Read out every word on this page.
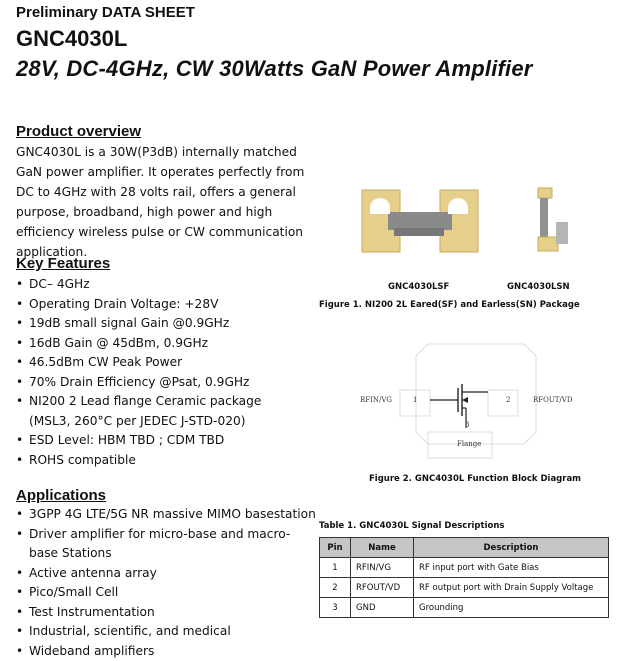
Preliminary DATA SHEET
GNC4030L
28V, DC-4GHz, CW 30Watts GaN Power Amplifier
Product overview
GNC4030L is a 30W(P3dB) internally matched GaN power amplifier. It operates perfectly from DC to 4GHz with 28 volts rail, offers a general purpose, broadband, high power and high efficiency wireless pulse or CW communication application.
Key Features
• DC– 4GHz
• Operating Drain Voltage: +28V
• 19dB small signal Gain @0.9GHz
• 16dB Gain @ 45dBm, 0.9GHz
• 46.5dBm CW Peak Power
• 70% Drain Efficiency @Psat, 0.9GHz
• NI200 2 Lead flange Ceramic package (MSL3, 260°C per JEDEC J-STD-020)
• ESD Level: HBM TBD ; CDM TBD
• ROHS compatible
Applications
• 3GPP 4G LTE/5G NR massive MIMO basestation
• Driver amplifier for micro-base and macro-base Stations
• Active antenna array
• Pico/Small Cell
• Test Instrumentation
• Industrial, scientific, and medical
• Wideband amplifiers
GNC4030LSF	GNC4030LSN
Figure 1. NI200 2L Eared(SF) and Earless(SN) Package
RFIN/VG	RFOUT/VD
1	2
3
Flange
Figure 2. GNC4030L Function Block Diagram
Table 1. GNC4030L Signal Descriptions
Pin	Name	Description
1	RFIN/VG	RF input port with Gate Bias
2	RFOUT/VD	RF output port with Drain Supply Voltage
3	GND	Grounding
